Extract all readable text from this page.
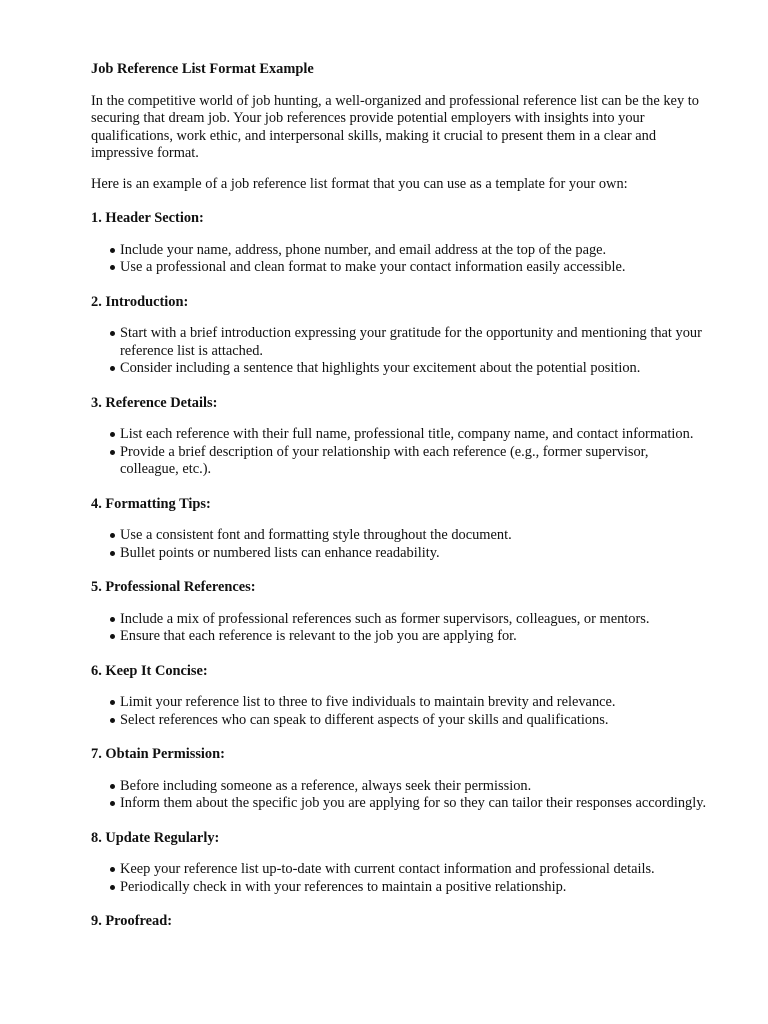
Job Reference List Format Example

In the competitive world of job hunting, a well-organized and professional reference list can be the key to securing that dream job. Your job references provide potential employers with insights into your qualifications, work ethic, and interpersonal skills, making it crucial to present them in a clear and impressive format.

Here is an example of a job reference list format that you can use as a template for your own:

1. Header Section:
Include your name, address, phone number, and email address at the top of the page.
Use a professional and clean format to make your contact information easily accessible.
2. Introduction:
Start with a brief introduction expressing your gratitude for the opportunity and mentioning that your reference list is attached.
Consider including a sentence that highlights your excitement about the potential position.
3. Reference Details:
List each reference with their full name, professional title, company name, and contact information.
Provide a brief description of your relationship with each reference (e.g., former supervisor, colleague, etc.).
4. Formatting Tips:
Use a consistent font and formatting style throughout the document.
Bullet points or numbered lists can enhance readability.
5. Professional References:
Include a mix of professional references such as former supervisors, colleagues, or mentors.
Ensure that each reference is relevant to the job you are applying for.
6. Keep It Concise:
Limit your reference list to three to five individuals to maintain brevity and relevance.
Select references who can speak to different aspects of your skills and qualifications.
7. Obtain Permission:
Before including someone as a reference, always seek their permission.
Inform them about the specific job you are applying for so they can tailor their responses accordingly.
8. Update Regularly:
Keep your reference list up-to-date with current contact information and professional details.
Periodically check in with your references to maintain a positive relationship.
9. Proofread:
